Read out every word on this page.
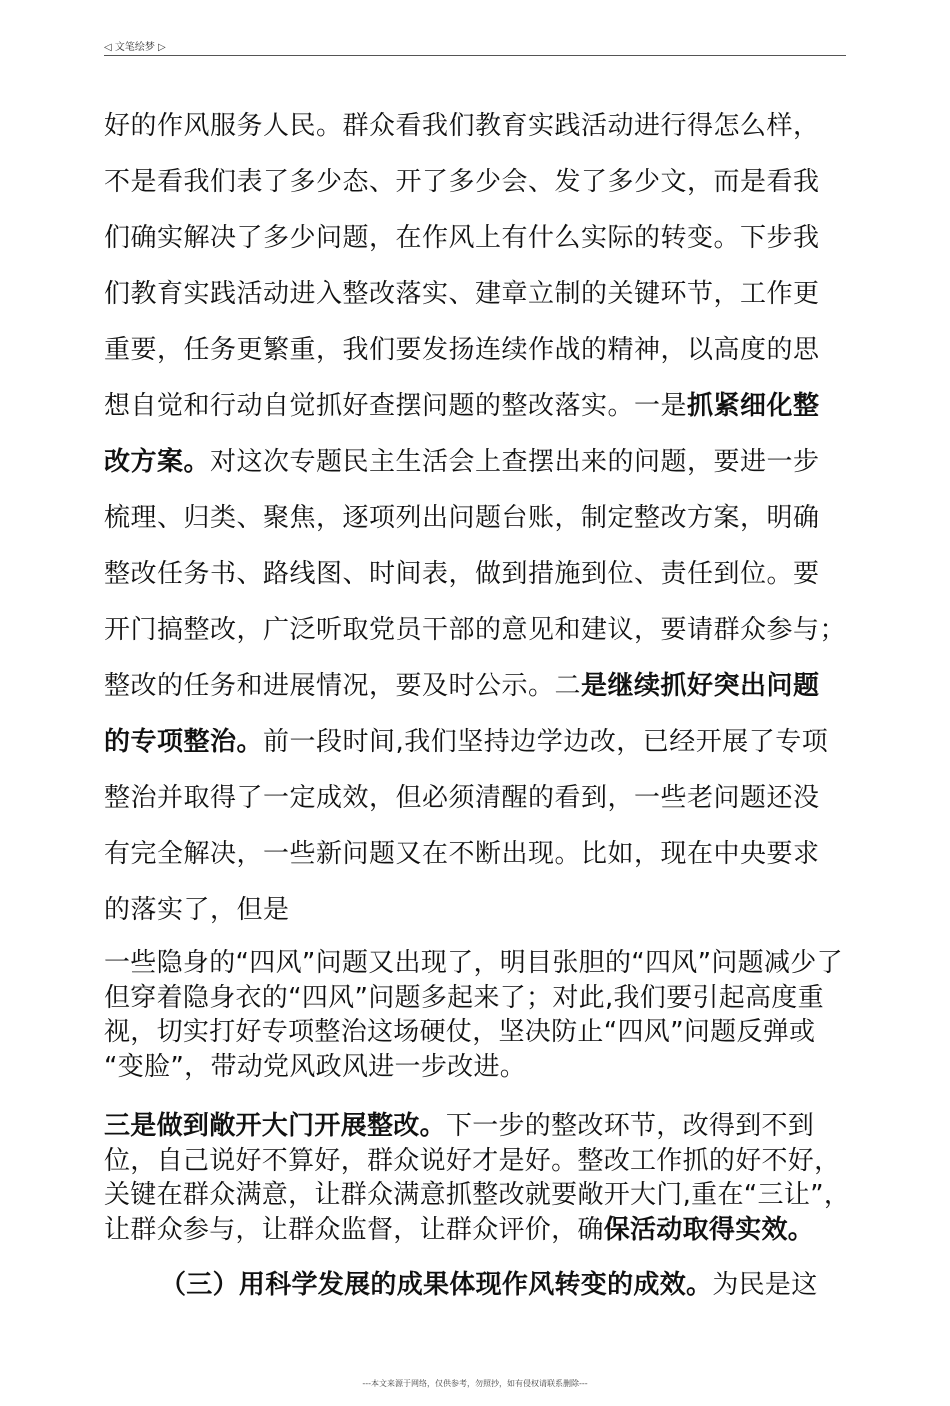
◁ 文笔绘梦 ▷

好的作风服务人民。群众看我们教育实践活动进行得怎么样，
不是看我们表了多少态、开了多少会、发了多少文，而是看我
们确实解决了多少问题，在作风上有什么实际的转变。下步我
们教育实践活动进入整改落实、建章立制的关键环节，工作更
重要，任务更繁重，我们要发扬连续作战的精神，以高度的思
想自觉和行动自觉抓好查摆问题的整改落实。一是抓紧细化整
改方案。对这次专题民主生活会上查摆出来的问题，要进一步
梳理、归类、聚焦，逐项列出问题台账，制定整改方案，明确
整改任务书、路线图、时间表，做到措施到位、责任到位。要
开门搞整改，广泛听取党员干部的意见和建议，要请群众参与；
整改的任务和进展情况，要及时公示。二是继续抓好突出问题
的专项整治。前一段时间,我们坚持边学边改，已经开展了专项
整治并取得了一定成效，但必须清醒的看到，一些老问题还没
有完全解决，一些新问题又在不断出现。比如，现在中央要求
的落实了，但是

一些隐身的“四风”问题又出现了，明目张胆的“四风”问题减少了
但穿着隐身衣的“四风”问题多起来了；对此,我们要引起高度重
视，切实打好专项整治这场硬仗，坚决防止“四风”问题反弹或
“变脸”，带动党风政风进一步改进。

三是做到敞开大门开展整改。下一步的整改环节，改得到不到
位，自己说好不算好，群众说好才是好。整改工作抓的好不好，
关键在群众满意，让群众满意抓整改就要敞开大门,重在“三让”，
让群众参与，让群众监督，让群众评价，确保活动取得实效。

（三）用科学发展的成果体现作风转变的成效。为民是这

---本文来源于网络，仅供参考，勿照抄，如有侵权请联系删除---
